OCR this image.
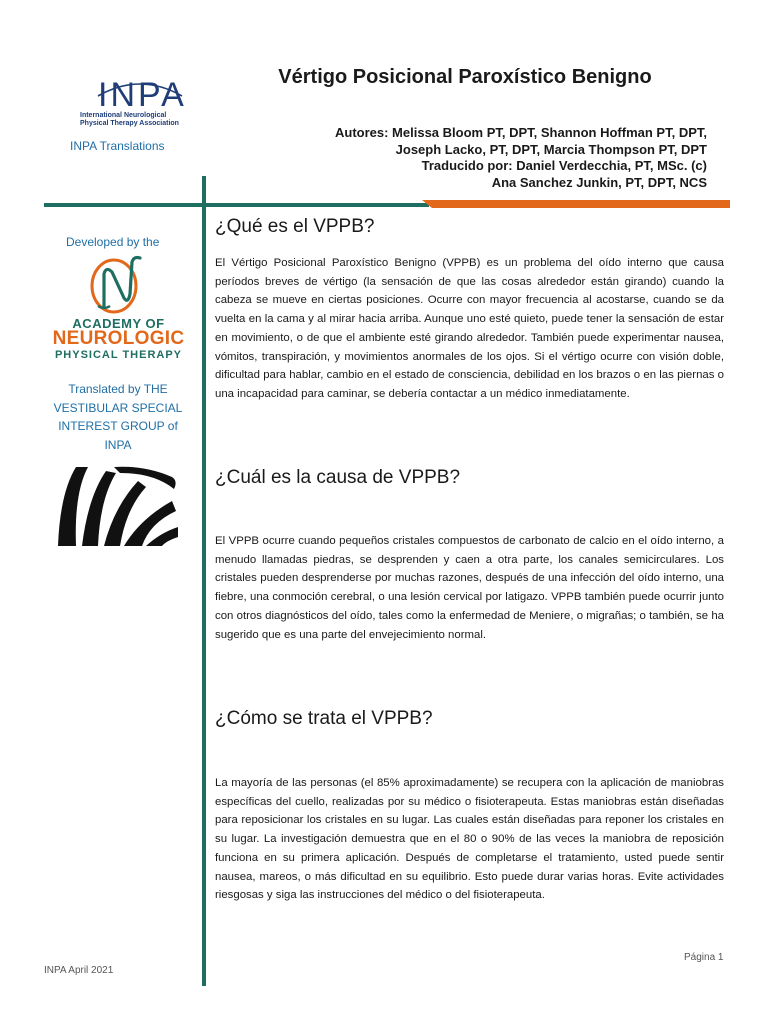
INPA
International Neurological Physical Therapy Association
INPA Translations
Vértigo Posicional Paroxístico Benigno
Autores: Melissa Bloom PT, DPT, Shannon Hoffman PT, DPT,
Joseph Lacko, PT, DPT, Marcia Thompson PT, DPT
Traducido por: Daniel Verdecchia, PT, MSc. (c)
Ana Sanchez Junkin, PT, DPT, NCS
Developed by the
ACADEMY OF
NEUROLOGIC
PHYSICAL THERAPY
Translated by THE
VESTIBULAR SPECIAL
INTEREST GROUP of
INPA
¿Qué es el VPPB?
El Vértigo Posicional Paroxístico Benigno (VPPB) es un problema del oído interno que causa períodos breves de vértigo (la sensación de que las cosas alrededor están girando) cuando la cabeza se mueve en ciertas posiciones. Ocurre con mayor frecuencia al acostarse, cuando se da vuelta en la cama y al mirar hacia arriba. Aunque uno esté quieto, puede tener la sensación de estar en movimiento, o de que el ambiente esté girando alrededor. También puede experimentar nausea, vómitos, transpiración, y movimientos anormales de los ojos. Si el vértigo ocurre con visión doble, dificultad para hablar, cambio en el estado de consciencia, debilidad en los brazos o en las piernas o una incapacidad para caminar, se debería contactar a un médico inmediatamente.
¿Cuál es la causa de VPPB?
El VPPB ocurre cuando pequeños cristales compuestos de carbonato de calcio en el oído interno, a menudo llamadas piedras, se desprenden y caen a otra parte, los canales semicirculares. Los cristales pueden desprenderse por muchas razones, después de una infección del oído interno, una fiebre, una conmoción cerebral, o una lesión cervical por latigazo. VPPB también puede ocurrir junto con otros diagnósticos del oído, tales como la enfermedad de Meniere, o migrañas; o también, se ha sugerido que es una parte del envejecimiento normal.
¿Cómo se trata el VPPB?
La mayoría de las personas (el 85% aproximadamente) se recupera con la aplicación de maniobras específicas del cuello, realizadas por su médico o fisioterapeuta. Estas maniobras están diseñadas para reposicionar los cristales en su lugar. Las cuales están diseñadas para reponer los cristales en su lugar. La investigación demuestra que en el 80 o 90% de las veces la maniobra de reposición funciona en su primera aplicación. Después de completarse el tratamiento, usted puede sentir nausea, mareos, o más dificultad en su equilibrio. Esto puede durar varias horas. Evite actividades riesgosas y siga las instrucciones del médico o del fisioterapeuta.
INPA April 2021
Página 1
